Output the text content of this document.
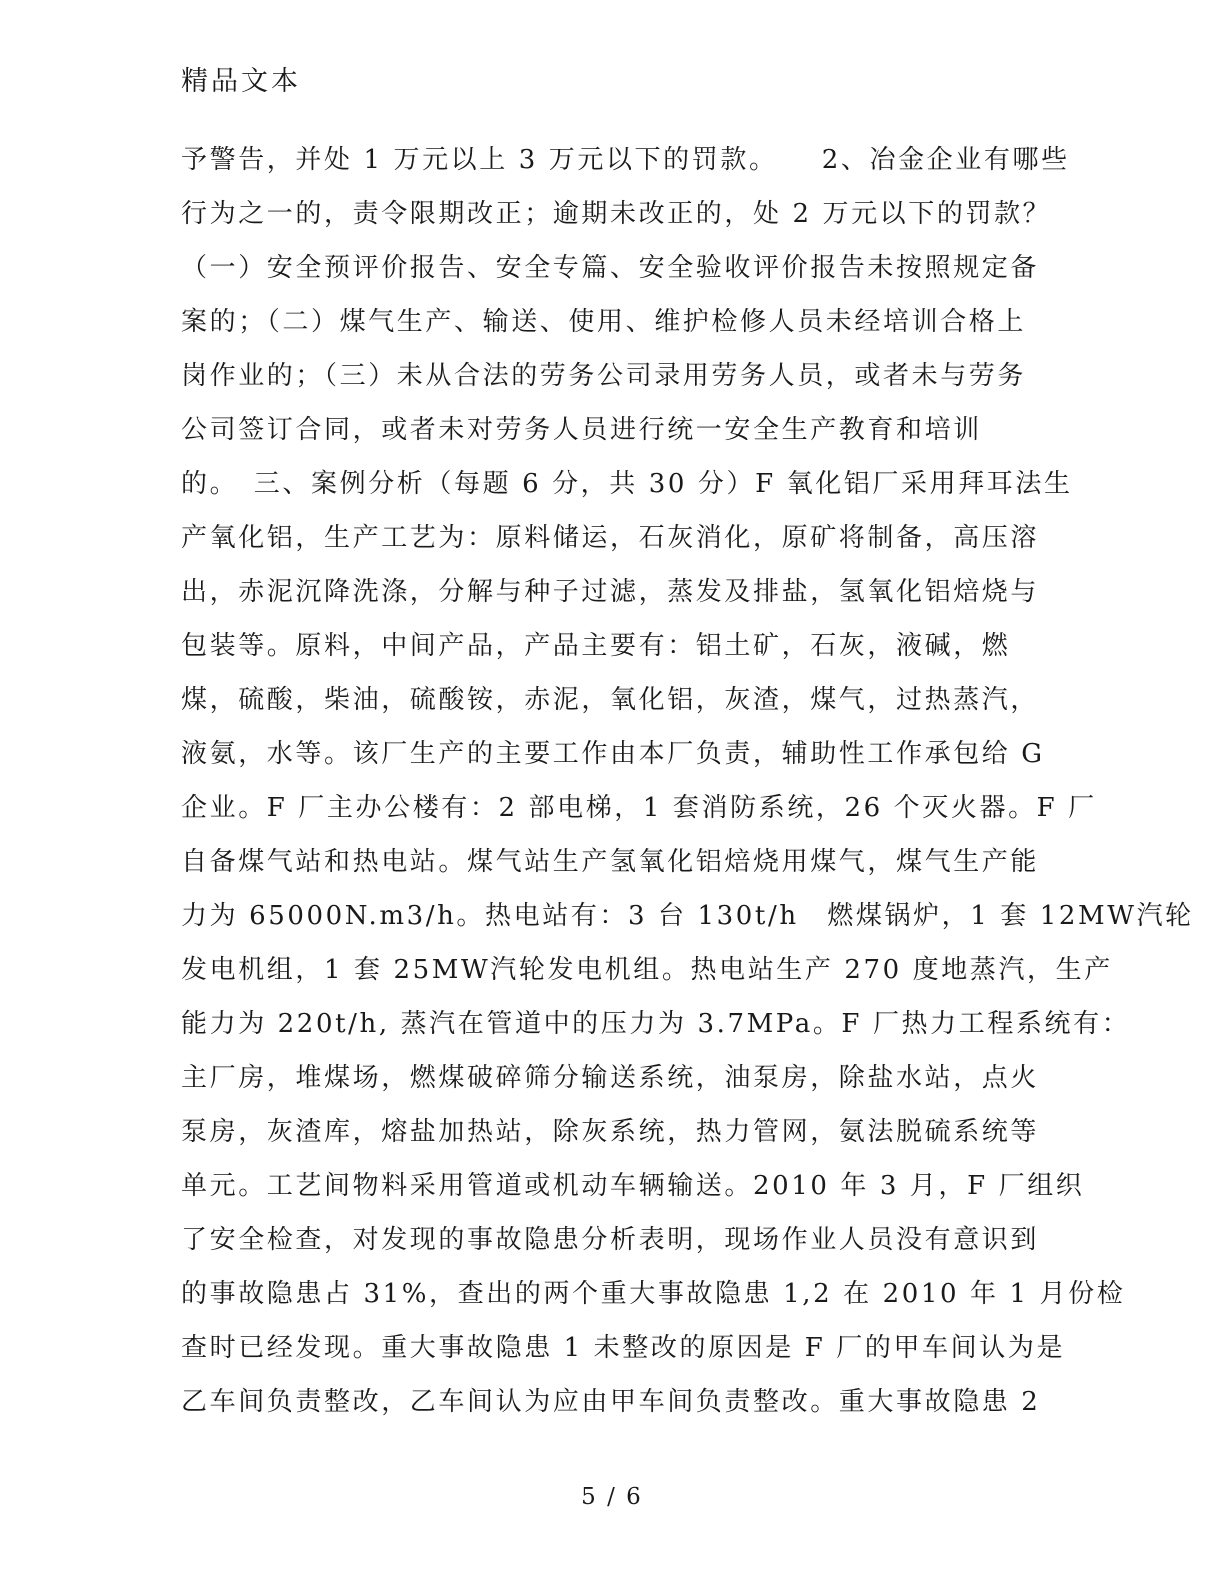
精品文本
予警告，并处 1 万元以上 3 万元以下的罚款。　　2、冶金企业有哪些
行为之一的，责令限期改正；逾期未改正的，处 2 万元以下的罚款？
（一）安全预评价报告、安全专篇、安全验收评价报告未按照规定备
案的；（二）煤气生产、输送、使用、维护检修人员未经培训合格上
岗作业的；（三）未从合法的劳务公司录用劳务人员，或者未与劳务
公司签订合同，或者未对劳务人员进行统一安全生产教育和培训
的。　三、案例分析（每题 6 分，共 30 分）F 氧化铝厂采用拜耳法生
产氧化铝，生产工艺为：原料储运，石灰消化，原矿将制备，高压溶
出，赤泥沉降洗涤，分解与种子过滤，蒸发及排盐，氢氧化铝焙烧与
包装等。原料，中间产品，产品主要有：铝土矿，石灰，液碱，燃
煤，硫酸，柴油，硫酸铵，赤泥，氧化铝，灰渣，煤气，过热蒸汽，
液氨，水等。该厂生产的主要工作由本厂负责，辅助性工作承包给 G
企业。F 厂主办公楼有：2 部电梯，1 套消防系统，26 个灭火器。F 厂
自备煤气站和热电站。煤气站生产氢氧化铝焙烧用煤气，煤气生产能
力为 65000N.m3/h。热电站有：3 台 130t/h　燃煤锅炉，1 套 12MW汽轮
发电机组，1 套 25MW汽轮发电机组。热电站生产 270 度地蒸汽，生产
能力为 220t/h, 蒸汽在管道中的压力为 3.7MPa。F 厂热力工程系统有：
主厂房，堆煤场，燃煤破碎筛分输送系统，油泵房，除盐水站，点火
泵房，灰渣库，熔盐加热站，除灰系统，热力管网，氨法脱硫系统等
单元。工艺间物料采用管道或机动车辆输送。2010 年 3 月，F 厂组织
了安全检查，对发现的事故隐患分析表明，现场作业人员没有意识到
的事故隐患占 31%，查出的两个重大事故隐患 1,2 在 2010 年 1 月份检
查时已经发现。重大事故隐患 1 未整改的原因是 F 厂的甲车间认为是
乙车间负责整改，乙车间认为应由甲车间负责整改。重大事故隐患 2
5 / 6
